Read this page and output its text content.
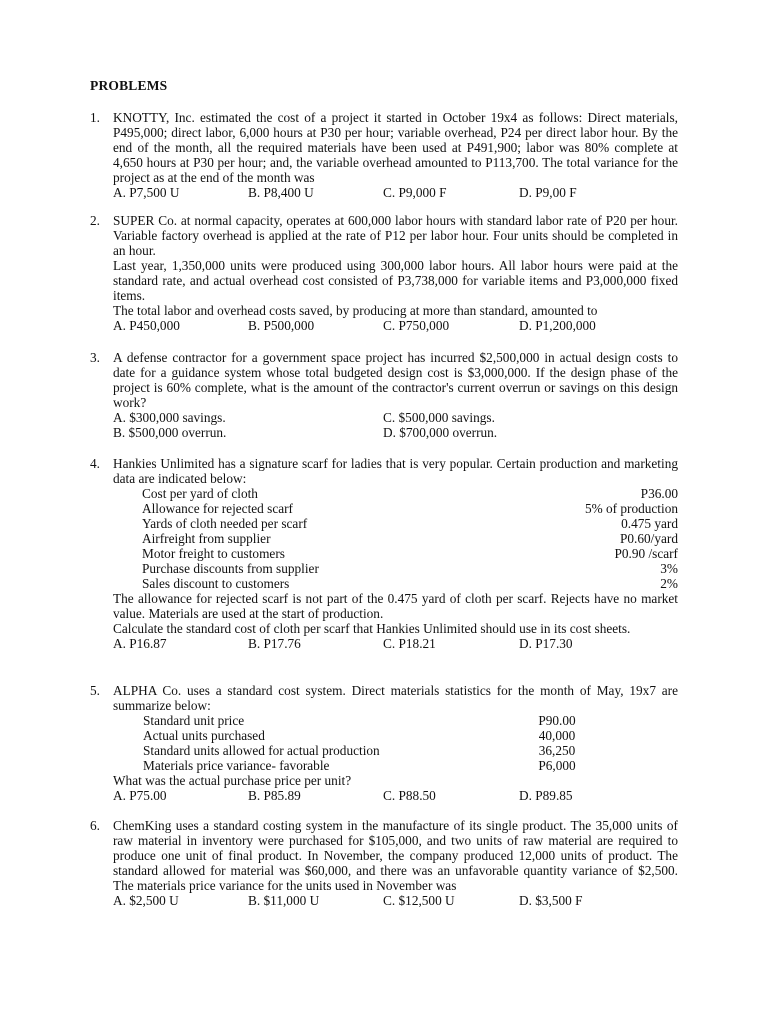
PROBLEMS
1. KNOTTY, Inc. estimated the cost of a project it started in October 19x4 as follows: Direct materials, P495,000; direct labor, 6,000 hours at P30 per hour; variable overhead, P24 per direct labor hour. By the end of the month, all the required materials have been used at P491,900; labor was 80% complete at 4,650 hours at P30 per hour; and, the variable overhead amounted to P113,700. The total variance for the project as at the end of the month was
A. P7,500 U	B. P8,400 U	C. P9,000 F	D. P9,00 F
2. SUPER Co. at normal capacity, operates at 600,000 labor hours with standard labor rate of P20 per hour. Variable factory overhead is applied at the rate of P12 per labor hour. Four units should be completed in an hour.
Last year, 1,350,000 units were produced using 300,000 labor hours. All labor hours were paid at the standard rate, and actual overhead cost consisted of P3,738,000 for variable items and P3,000,000 fixed items.
The total labor and overhead costs saved, by producing at more than standard, amounted to
A. P450,000	B. P500,000	C. P750,000	D. P1,200,000
3. A defense contractor for a government space project has incurred $2,500,000 in actual design costs to date for a guidance system whose total budgeted design cost is $3,000,000. If the design phase of the project is 60% complete, what is the amount of the contractor's current overrun or savings on this design work?
A. $300,000 savings.	C. $500,000 savings.
B. $500,000 overrun.	D. $700,000 overrun.
4. Hankies Unlimited has a signature scarf for ladies that is very popular. Certain production and marketing data are indicated below:
Cost per yard of cloth	P36.00
Allowance for rejected scarf	5% of production
Yards of cloth needed per scarf	0.475 yard
Airfreight from supplier	P0.60/yard
Motor freight to customers	P0.90 /scarf
Purchase discounts from supplier	3%
Sales discount to customers	2%
The allowance for rejected scarf is not part of the 0.475 yard of cloth per scarf. Rejects have no market value. Materials are used at the start of production.
Calculate the standard cost of cloth per scarf that Hankies Unlimited should use in its cost sheets.
A. P16.87	B. P17.76	C. P18.21	D. P17.30
5. ALPHA Co. uses a standard cost system. Direct materials statistics for the month of May, 19x7 are summarize below:
Standard unit price	P90.00
Actual units purchased	40,000
Standard units allowed for actual production	36,250
Materials price variance- favorable	P6,000
What was the actual purchase price per unit?
A. P75.00	B. P85.89	C. P88.50	D. P89.85
6. ChemKing uses a standard costing system in the manufacture of its single product. The 35,000 units of raw material in inventory were purchased for $105,000, and two units of raw material are required to produce one unit of final product. In November, the company produced 12,000 units of product. The standard allowed for material was $60,000, and there was an unfavorable quantity variance of $2,500. The materials price variance for the units used in November was
A. $2,500 U	B. $11,000 U	C. $12,500 U	D. $3,500 F
